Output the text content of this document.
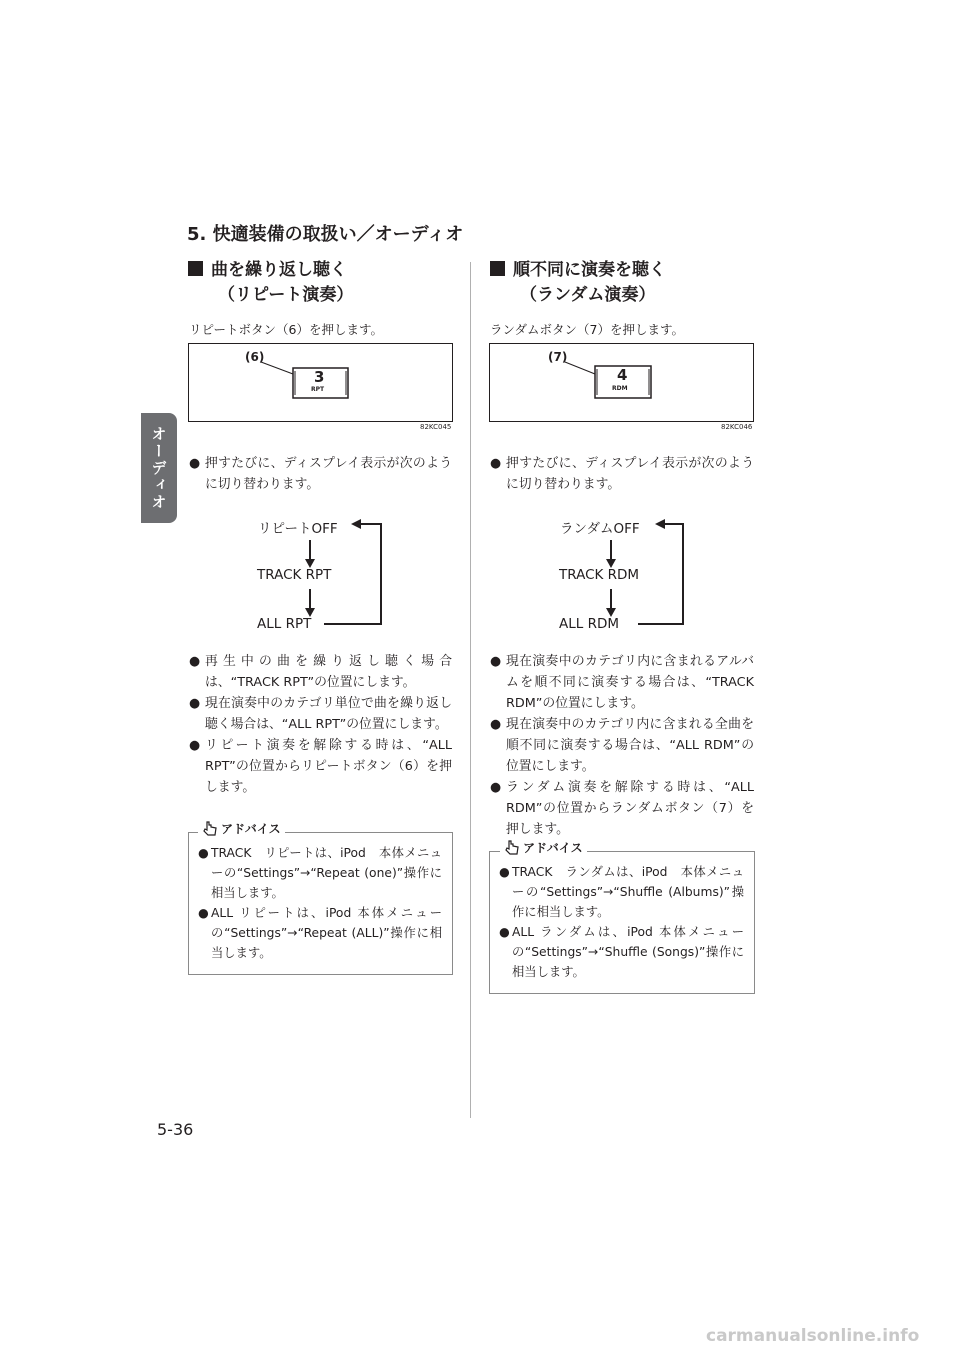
オーディオ
5. 快適装備の取扱い／オーディオ
曲を繰り返し聴く
（リピート演奏）
リピートボタン（6）を押します。
(6)
3
RPT
82KC045
● 押すたびに、ディスプレイ表示が次のように切り替わります。
リピートOFF
TRACK RPT
ALL RPT
● 再生中の曲を繰り返し聴く場合は、“TRACK RPT”の位置にします。
● 現在演奏中のカテゴリ単位で曲を繰り返し聴く場合は、“ALL RPT”の位置にします。
● リピート演奏を解除する時は、“ALL RPT”の位置からリピートボタン（6）を押します。
● TRACK　リピートは、iPod　本体メニューの“Settings”→“Repeat (one)”操作に相当します。
● ALL リピートは、iPod 本体メニューの“Settings”→“Repeat (ALL)”操作に相当します。
アドバイス
順不同に演奏を聴く
（ランダム演奏）
ランダムボタン（7）を押します。
(7)
4
RDM
82KC046
● 押すたびに、ディスプレイ表示が次のように切り替わります。
ランダムOFF
TRACK RDM
ALL RDM
● 現在演奏中のカテゴリ内に含まれるアルバムを順不同に演奏する場合は、“TRACK RDM”の位置にします。
● 現在演奏中のカテゴリ内に含まれる全曲を順不同に演奏する場合は、“ALL RDM”の位置にします。
● ランダム演奏を解除する時は、“ALL RDM”の位置からランダムボタン（7）を押します。
● TRACK　ランダムは、iPod　本体メニューの“Settings”→“Shuffle (Albums)”操作に相当します。
● ALL ランダムは、iPod 本体メニューの“Settings”→“Shuffle (Songs)”操作に相当します。
アドバイス
5-36
carmanualsonline.info
